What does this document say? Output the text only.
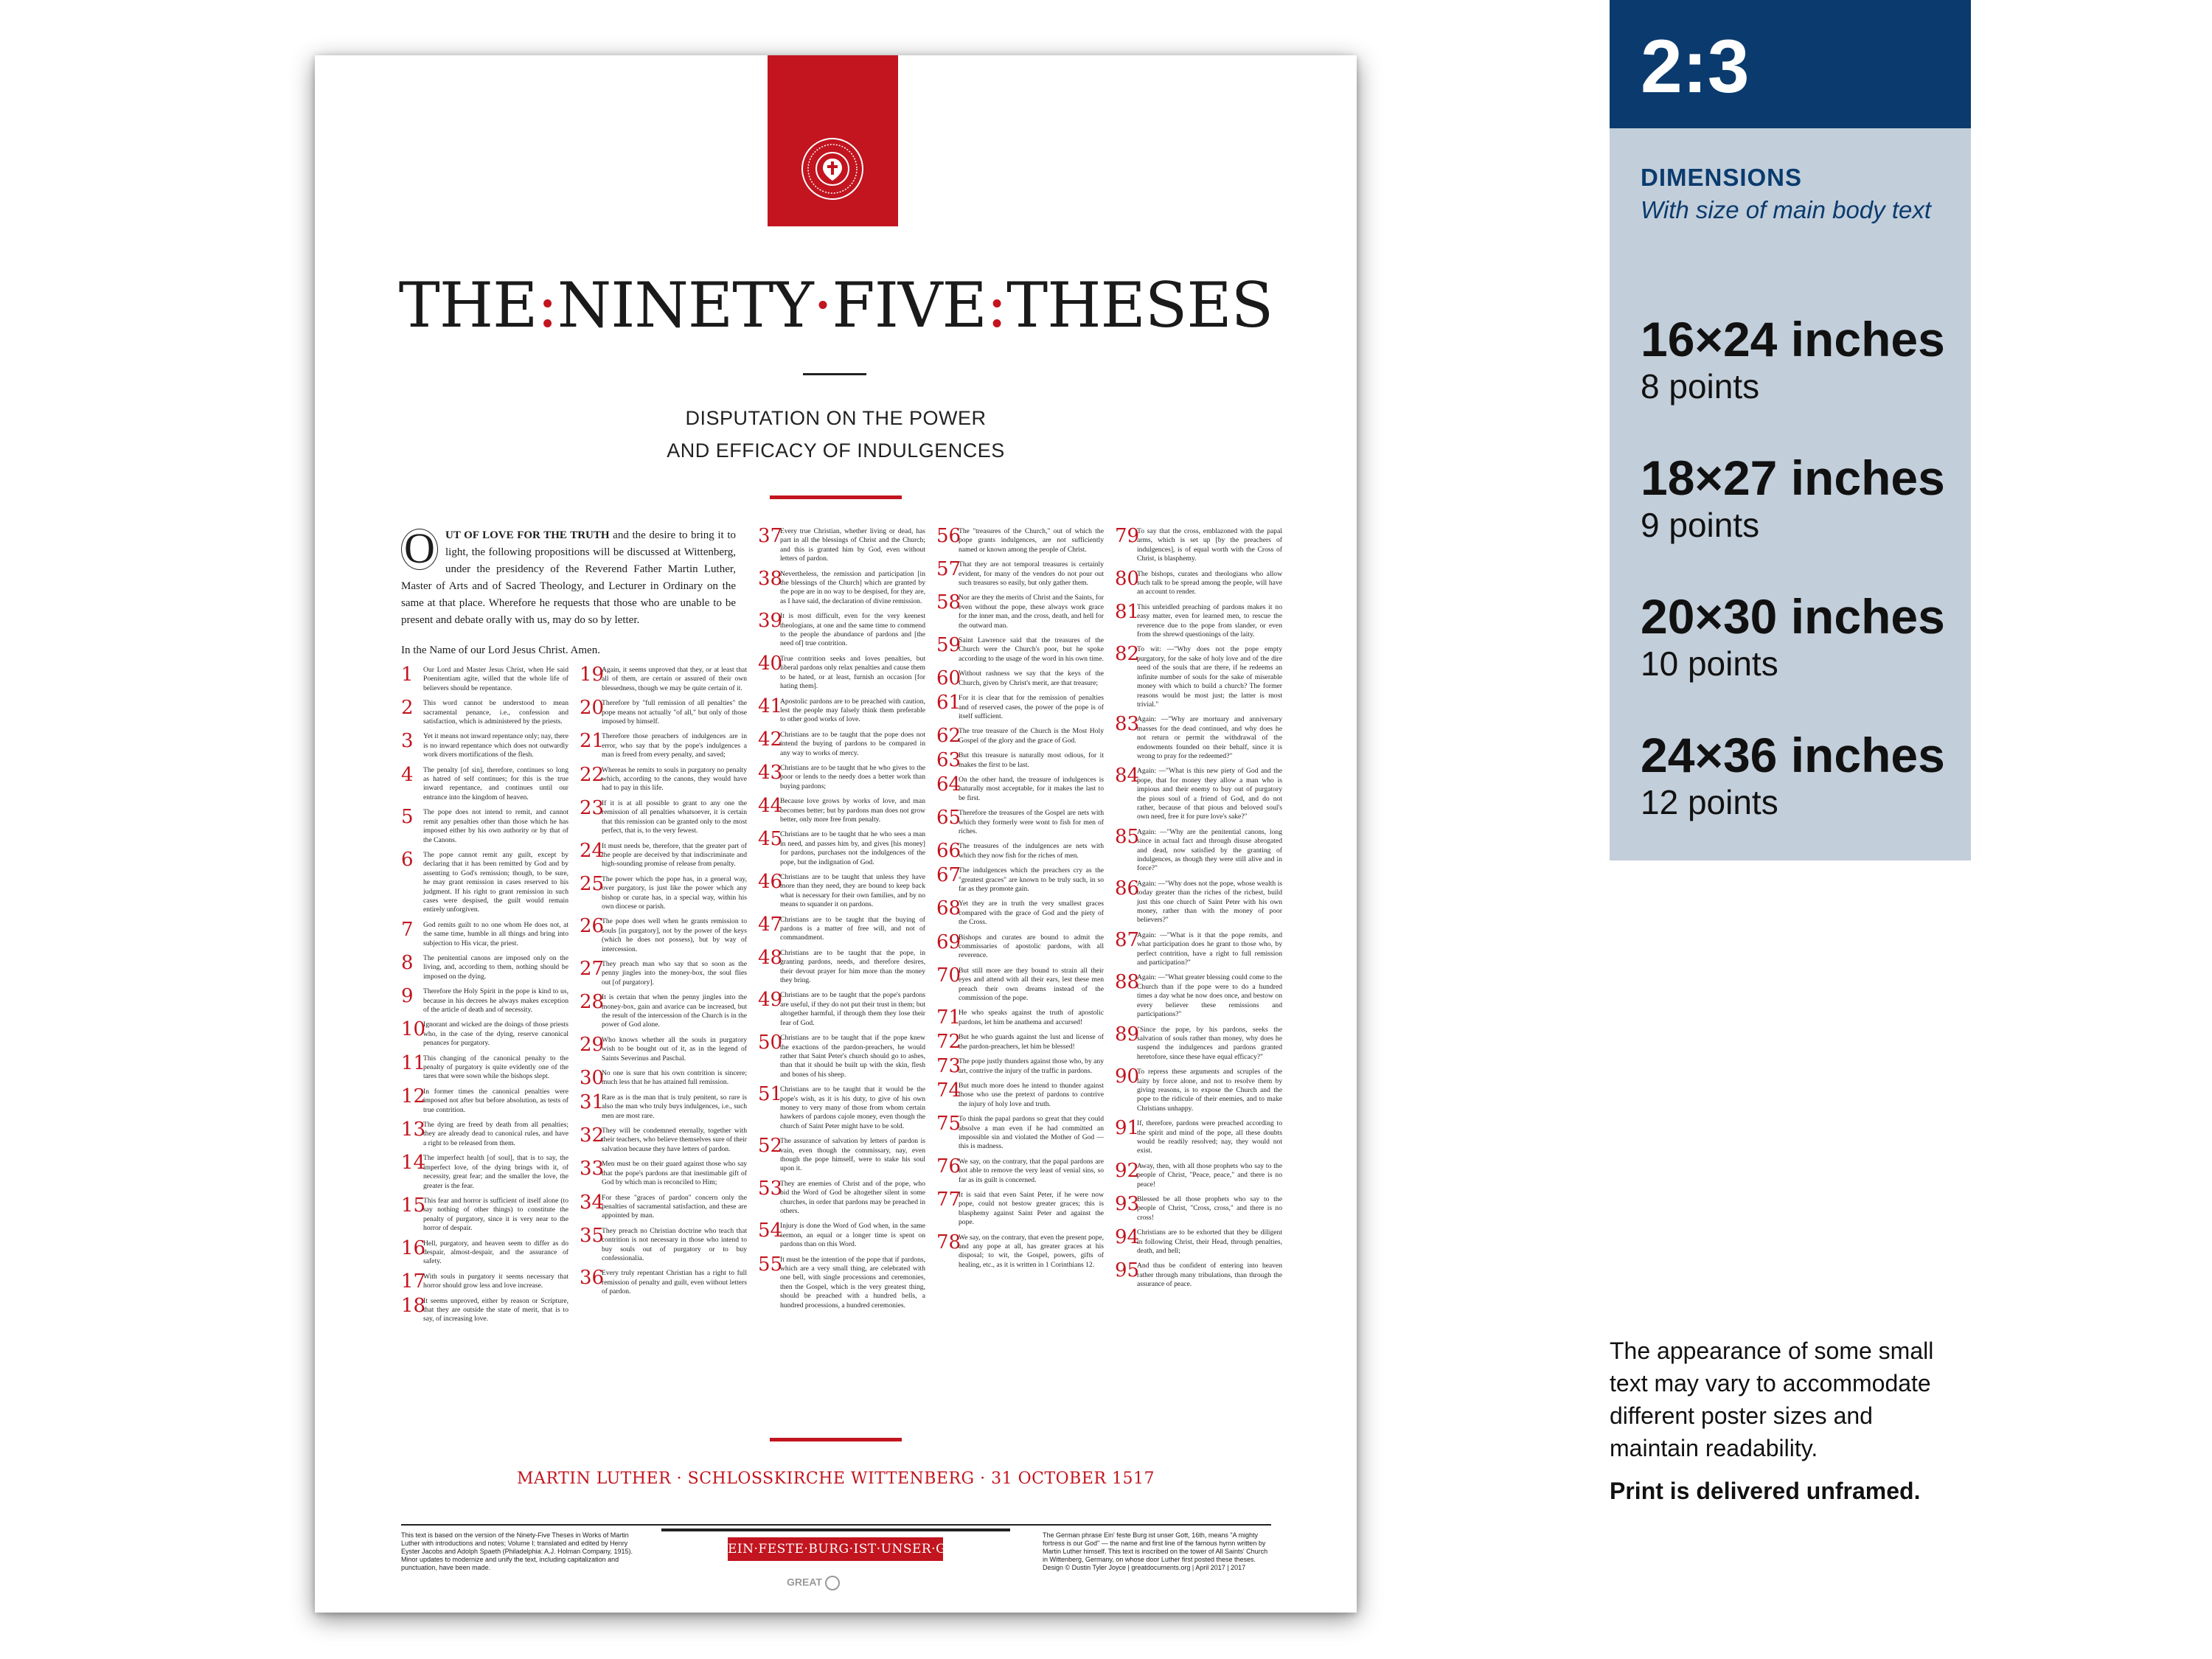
THE:NINETY·FIVE:THESES
DISPUTATION ON THE POWER
AND EFFICACY OF INDULGENCES
O UT OF LOVE FOR THE TRUTH and the desire to bring it to light, the following propositions will be discussed at Wittenberg, under the presidency of the Reverend Father Martin Luther, Master of Arts and of Sacred Theology, and Lecturer in Ordinary on the same at that place. Wherefore he requests that those who are unable to be present and debate orally with us, may do so by letter.
In the Name of our Lord Jesus Christ. Amen.
1	Our Lord and Master Jesus Christ, when He said Poenitentiam agite, willed that the whole life of believers should be repentance.
2	This word cannot be understood to mean sacramental penance, i.e., confession and satisfaction, which is administered by the priests.
3	Yet it means not inward repentance only; nay, there is no inward repentance which does not outwardly work divers mortifications of the flesh.
4	The penalty [of sin], therefore, continues so long as hatred of self continues; for this is the true inward repentance, and continues until our entrance into the kingdom of heaven.
5	The pope does not intend to remit, and cannot remit any penalties other than those which he has imposed either by his own authority or by that of the Canons.
6	The pope cannot remit any guilt, except by declaring that it has been remitted by God and by assenting to God's remission; though, to be sure, he may grant remission in cases reserved to his judgment. If his right to grant remission in such cases were despised, the guilt would remain entirely unforgiven.
7	God remits guilt to no one whom He does not, at the same time, humble in all things and bring into subjection to His vicar, the priest.
8	The penitential canons are imposed only on the living, and, according to them, nothing should be imposed on the dying.
9	Therefore the Holy Spirit in the pope is kind to us, because in his decrees he always makes exception of the article of death and of necessity.
10
Ignorant and wicked are the doings of those priests who, in the case of the dying, reserve canonical penances for purgatory.
11
This changing of the canonical penalty to the penalty of purgatory is quite evidently one of the tares that were sown while the bishops slept.
12
In former times the canonical penalties were imposed not after but before absolution, as tests of true contrition.
13
The dying are freed by death from all penalties; they are already dead to canonical rules, and have a right to be released from them.
14
The imperfect health [of soul], that is to say, the imperfect love, of the dying brings with it, of necessity, great fear; and the smaller the love, the greater is the fear.
15
This fear and horror is sufficient of itself alone (to say nothing of other things) to constitute the penalty of purgatory, since it is very near to the horror of despair.
16
Hell, purgatory, and heaven seem to differ as do despair, almost-despair, and the assurance of safety.
17
With souls in purgatory it seems necessary that horror should grow less and love increase.
18
It seems unproved, either by reason or Scripture, that they are outside the state of merit, that is to say, of increasing love.
19
Again, it seems unproved that they, or at least that all of them, are certain or assured of their own blessedness, though we may be quite certain of it.
20
Therefore by "full remission of all penalties" the pope means not actually "of all," but only of those imposed by himself.
21
Therefore those preachers of indulgences are in error, who say that by the pope's indulgences a man is freed from every penalty, and saved;
22
Whereas he remits to souls in purgatory no penalty which, according to the canons, they would have had to pay in this life.
23
If it is at all possible to grant to any one the remission of all penalties whatsoever, it is certain that this remission can be granted only to the most perfect, that is, to the very fewest.
24
It must needs be, therefore, that the greater part of the people are deceived by that indiscriminate and high-sounding promise of release from penalty.
25
The power which the pope has, in a general way, over purgatory, is just like the power which any bishop or curate has, in a special way, within his own diocese or parish.
26
The pope does well when he grants remission to souls [in purgatory], not by the power of the keys (which he does not possess), but by way of intercession.
27
They preach man who say that so soon as the penny jingles into the money-box, the soul flies out [of purgatory].
28
It is certain that when the penny jingles into the money-box, gain and avarice can be increased, but the result of the intercession of the Church is in the power of God alone.
29
Who knows whether all the souls in purgatory wish to be bought out of it, as in the legend of Saints Severinus and Paschal.
30
No one is sure that his own contrition is sincere; much less that he has attained full remission.
31
Rare as is the man that is truly penitent, so rare is also the man who truly buys indulgences, i.e., such men are most rare.
32
They will be condemned eternally, together with their teachers, who believe themselves sure of their salvation because they have letters of pardon.
33
Men must be on their guard against those who say that the pope's pardons are that inestimable gift of God by which man is reconciled to Him;
34
For these "graces of pardon" concern only the penalties of sacramental satisfaction, and these are appointed by man.
35
They preach no Christian doctrine who teach that contrition is not necessary in those who intend to buy souls out of purgatory or to buy confessionalia.
36
Every truly repentant Christian has a right to full remission of penalty and guilt, even without letters of pardon.
37
Every true Christian, whether living or dead, has part in all the blessings of Christ and the Church; and this is granted him by God, even without letters of pardon.
38
Nevertheless, the remission and participation [in the blessings of the Church] which are granted by the pope are in no way to be despised, for they are, as I have said, the declaration of divine remission.
39
It is most difficult, even for the very keenest theologians, at one and the same time to commend to the people the abundance of pardons and [the need of] true contrition.
40
True contrition seeks and loves penalties, but liberal pardons only relax penalties and cause them to be hated, or at least, furnish an occasion [for hating them].
41
Apostolic pardons are to be preached with caution, lest the people may falsely think them preferable to other good works of love.
42
Christians are to be taught that the pope does not intend the buying of pardons to be compared in any way to works of mercy.
43
Christians are to be taught that he who gives to the poor or lends to the needy does a better work than buying pardons;
44
Because love grows by works of love, and man becomes better; but by pardons man does not grow better, only more free from penalty.
45
Christians are to be taught that he who sees a man in need, and passes him by, and gives [his money] for pardons, purchases not the indulgences of the pope, but the indignation of God.
46
Christians are to be taught that unless they have more than they need, they are bound to keep back what is necessary for their own families, and by no means to squander it on pardons.
47
Christians are to be taught that the buying of pardons is a matter of free will, and not of commandment.
48
Christians are to be taught that the pope, in granting pardons, needs, and therefore desires, their devout prayer for him more than the money they bring.
49
Christians are to be taught that the pope's pardons are useful, if they do not put their trust in them; but altogether harmful, if through them they lose their fear of God.
50
Christians are to be taught that if the pope knew the exactions of the pardon-preachers, he would rather that Saint Peter's church should go to ashes, than that it should be built up with the skin, flesh and bones of his sheep.
51
Christians are to be taught that it would be the pope's wish, as it is his duty, to give of his own money to very many of those from whom certain hawkers of pardons cajole money, even though the church of Saint Peter might have to be sold.
52
The assurance of salvation by letters of pardon is vain, even though the commissary, nay, even though the pope himself, were to stake his soul upon it.
53
They are enemies of Christ and of the pope, who bid the Word of God be altogether silent in some churches, in order that pardons may be preached in others.
54
Injury is done the Word of God when, in the same sermon, an equal or a longer time is spent on pardons than on this Word.
55
It must be the intention of the pope that if pardons, which are a very small thing, are celebrated with one bell, with single processions and ceremonies, then the Gospel, which is the very greatest thing, should be preached with a hundred bells, a hundred processions, a hundred ceremonies.
56
The "treasures of the Church," out of which the pope grants indulgences, are not sufficiently named or known among the people of Christ.
57
That they are not temporal treasures is certainly evident, for many of the vendors do not pour out such treasures so easily, but only gather them.
58
Nor are they the merits of Christ and the Saints, for even without the pope, these always work grace for the inner man, and the cross, death, and hell for the outward man.
59
Saint Lawrence said that the treasures of the Church were the Church's poor, but he spoke according to the usage of the word in his own time.
60
Without rashness we say that the keys of the Church, given by Christ's merit, are that treasure;
61
For it is clear that for the remission of penalties and of reserved cases, the power of the pope is of itself sufficient.
62
The true treasure of the Church is the Most Holy Gospel of the glory and the grace of God.
63
But this treasure is naturally most odious, for it makes the first to be last.
64
On the other hand, the treasure of indulgences is naturally most acceptable, for it makes the last to be first.
65
Therefore the treasures of the Gospel are nets with which they formerly were wont to fish for men of riches.
66
The treasures of the indulgences are nets with which they now fish for the riches of men.
67
The indulgences which the preachers cry as the "greatest graces" are known to be truly such, in so far as they promote gain.
68
Yet they are in truth the very smallest graces compared with the grace of God and the piety of the Cross.
69
Bishops and curates are bound to admit the commissaries of apostolic pardons, with all reverence.
70
But still more are they bound to strain all their eyes and attend with all their ears, lest these men preach their own dreams instead of the commission of the pope.
71
He who speaks against the truth of apostolic pardons, let him be anathema and accursed!
72
But he who guards against the lust and license of the pardon-preachers, let him be blessed!
73
The pope justly thunders against those who, by any art, contrive the injury of the traffic in pardons.
74
But much more does he intend to thunder against those who use the pretext of pardons to contrive the injury of holy love and truth.
75
To think the papal pardons so great that they could absolve a man even if he had committed an impossible sin and violated the Mother of God — this is madness.
76
We say, on the contrary, that the papal pardons are not able to remove the very least of venial sins, so far as its guilt is concerned.
77
It is said that even Saint Peter, if he were now pope, could not bestow greater graces; this is blasphemy against Saint Peter and against the pope.
78
We say, on the contrary, that even the present pope, and any pope at all, has greater graces at his disposal; to wit, the Gospel, powers, gifts of healing, etc., as it is written in 1 Corinthians 12.
79
To say that the cross, emblazoned with the papal arms, which is set up [by the preachers of indulgences], is of equal worth with the Cross of Christ, is blasphemy.
80
The bishops, curates and theologians who allow such talk to be spread among the people, will have an account to render.
81
This unbridled preaching of pardons makes it no easy matter, even for learned men, to rescue the reverence due to the pope from slander, or even from the shrewd questionings of the laity.
82
To wit: —"Why does not the pope empty purgatory, for the sake of holy love and of the dire need of the souls that are there, if he redeems an infinite number of souls for the sake of miserable money with which to build a church? The former reasons would be most just; the latter is most trivial."
83
Again: —"Why are mortuary and anniversary masses for the dead continued, and why does he not return or permit the withdrawal of the endowments founded on their behalf, since it is wrong to pray for the redeemed?"
84
Again: —"What is this new piety of God and the pope, that for money they allow a man who is impious and their enemy to buy out of purgatory the pious soul of a friend of God, and do not rather, because of that pious and beloved soul's own need, free it for pure love's sake?"
85
Again: —"Why are the penitential canons, long since in actual fact and through disuse abrogated and dead, now satisfied by the granting of indulgences, as though they were still alive and in force?"
86
Again: —"Why does not the pope, whose wealth is today greater than the riches of the richest, build just this one church of Saint Peter with his own money, rather than with the money of poor believers?"
87
Again: —"What is it that the pope remits, and what participation does he grant to those who, by perfect contrition, have a right to full remission and participation?"
88
Again: —"What greater blessing could come to the Church than if the pope were to do a hundred times a day what he now does once, and bestow on every believer these remissions and participations?"
89
"Since the pope, by his pardons, seeks the salvation of souls rather than money, why does he suspend the indulgences and pardons granted heretofore, since these have equal efficacy?"
90
To repress these arguments and scruples of the laity by force alone, and not to resolve them by giving reasons, is to expose the Church and the pope to the ridicule of their enemies, and to make Christians unhappy.
91
If, therefore, pardons were preached according to the spirit and mind of the pope, all these doubts would be readily resolved; nay, they would not exist.
92
Away, then, with all those prophets who say to the people of Christ, "Peace, peace," and there is no peace!
93
Blessed be all those prophets who say to the people of Christ, "Cross, cross," and there is no cross!
94
Christians are to be exhorted that they be diligent in following Christ, their Head, through penalties, death, and hell;
95
And thus be confident of entering into heaven rather through many tribulations, than through the assurance of peace.
MARTIN LUTHER · SCHLOSSKIRCHE WITTENBERG · 31 OCTOBER 1517
This text is based on the version of the Ninety-Five Theses in Works of Martin Luther with introductions and notes; Volume I; translated and edited by Henry Eyster Jacobs and Adolph Spaeth (Philadelphia: A.J. Holman Company, 1915). Minor updates to modernize and unify the text, including capitalization and punctuation, have been made.
EIN·FESTE·BURG·IST·UNSER·GOTT
GREAT
The German phrase Ein' feste Burg ist unser Gott, 16th, means "A mighty fortress is our God" — the name and first line of the famous hymn written by Martin Luther himself. This text is inscribed on the tower of All Saints' Church in Wittenberg, Germany, on whose door Luther first posted these theses. Design © Dustin Tyler Joyce | greatdocuments.org | April 2017 | 2017
2:3
DIMENSIONS
With size of main body text
16×24 inches
8 points
18×27 inches
9 points
20×30 inches
10 points
24×36 inches
12 points
The appearance of some small text may vary to accommodate different poster sizes and maintain readability.
Print is delivered unframed.
